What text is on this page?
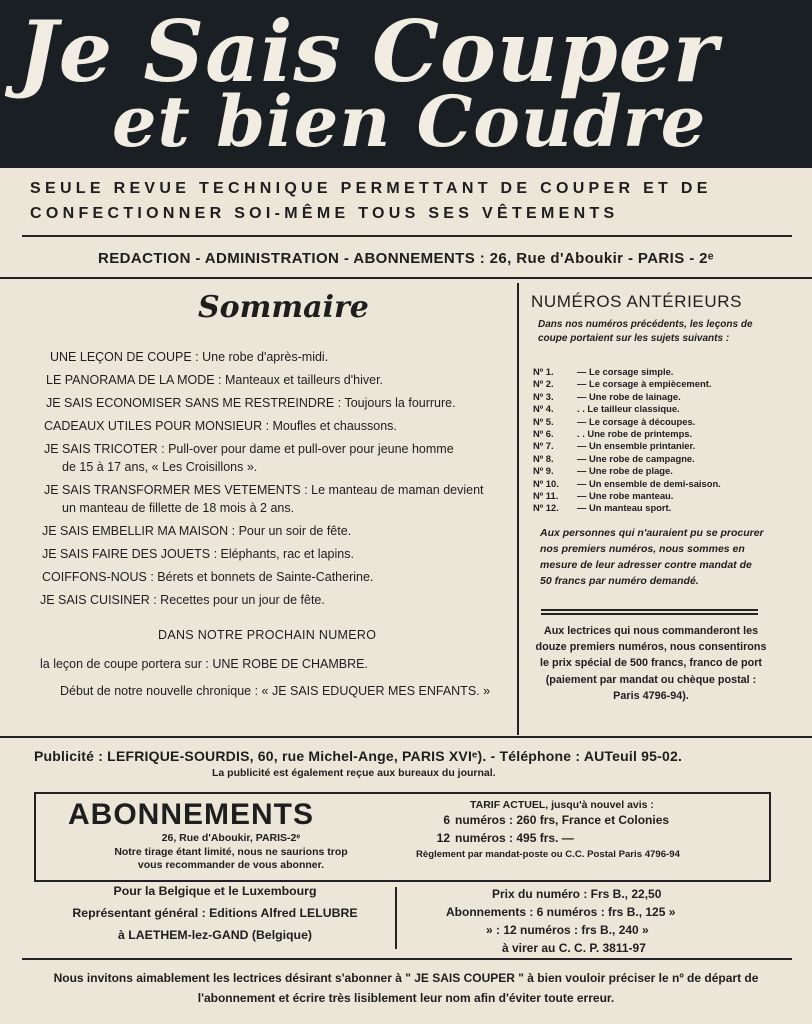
Je Sais Couper
et bien Coudre
SEULE REVUE TECHNIQUE PERMETTANT DE COUPER ET DE CONFECTIONNER SOI-MÊME TOUS SES VÊTEMENTS
REDACTION - ADMINISTRATION - ABONNEMENTS : 26, Rue d'Aboukir - PARIS - 2ᵉ
Sommaire
UNE LEÇON DE COUPE : Une robe d'après-midi.
LE PANORAMA DE LA MODE : Manteaux et tailleurs d'hiver.
JE SAIS ECONOMISER SANS ME RESTREINDRE : Toujours la fourrure.
CADEAUX UTILES POUR MONSIEUR : Moufles et chaussons.
JE SAIS TRICOTER : Pull-over pour dame et pull-over pour jeune homme
de 15 à 17 ans, « Les Croisillons ».
JE SAIS TRANSFORMER MES VETEMENTS : Le manteau de maman devient
un manteau de fillette de 18 mois à 2 ans.
JE SAIS EMBELLIR MA MAISON : Pour un soir de fête.
JE SAIS FAIRE DES JOUETS : Eléphants, rac et lapins.
COIFFONS-NOUS : Bérets et bonnets de Sainte-Catherine.
JE SAIS CUISINER : Recettes pour un jour de fête.
DANS NOTRE PROCHAIN NUMERO
la leçon de coupe portera sur : UNE ROBE DE CHAMBRE.
Début de notre nouvelle chronique : « JE SAIS EDUQUER MES ENFANTS. »
NUMÉROS ANTÉRIEURS
Dans nos numéros précédents, les leçons de coupe portaient sur les sujets suivants :
Nº 1. — Le corsage simple.
Nº 2. — Le corsage à empiècement.
Nº 3. — Une robe de lainage.
Nº 4. . . Le tailleur classique.
Nº 5. — Le corsage à découpes.
Nº 6. . . Une robe de printemps.
Nº 7. — Un ensemble printanier.
Nº 8. — Une robe de campagne.
Nº 9. — Une robe de plage.
Nº 10. — Un ensemble de demi-saison.
Nº 11. — Une robe manteau.
Nº 12. — Un manteau sport.
Aux personnes qui n'auraient pu se procurer nos premiers numéros, nous sommes en mesure de leur adresser contre mandat de 50 francs par numéro demandé.
Aux lectrices qui nous commanderont les douze premiers numéros, nous consentirons le prix spécial de 500 francs, franco de port (paiement par mandat ou chèque postal : Paris 4796-94).
Publicité : LEFRIQUE-SOURDIS, 60, rue Michel-Ange, PARIS XVIᵉ). - Téléphone : AUTeuil 95-02.
La publicité est également reçue aux bureaux du journal.
ABONNEMENTS
26, Rue d'Aboukir, PARIS-2ᵉ
Notre tirage étant limité, nous ne saurions trop
vous recommander de vous abonner.
TARIF ACTUEL, jusqu'à nouvel avis :
6 numéros : 260 frs, France et Colonies
12 numéros : 495 frs. —
Règlement par mandat-poste ou C.C. Postal Paris 4796-94
Pour la Belgique et le Luxembourg
Représentant général : Editions Alfred LELUBRE
à LAETHEM-lez-GAND (Belgique)
Prix du numéro : Frs B., 22,50
Abonnements : 6 numéros : frs B., 125 »
» : 12 numéros : frs B., 240 »
à virer au C. C. P. 3811-97
Nous invitons aimablement les lectrices désirant s'abonner à " JE SAIS COUPER " à bien vouloir préciser le nº de départ de l'abonnement et écrire très lisiblement leur nom afin d'éviter toute erreur.
